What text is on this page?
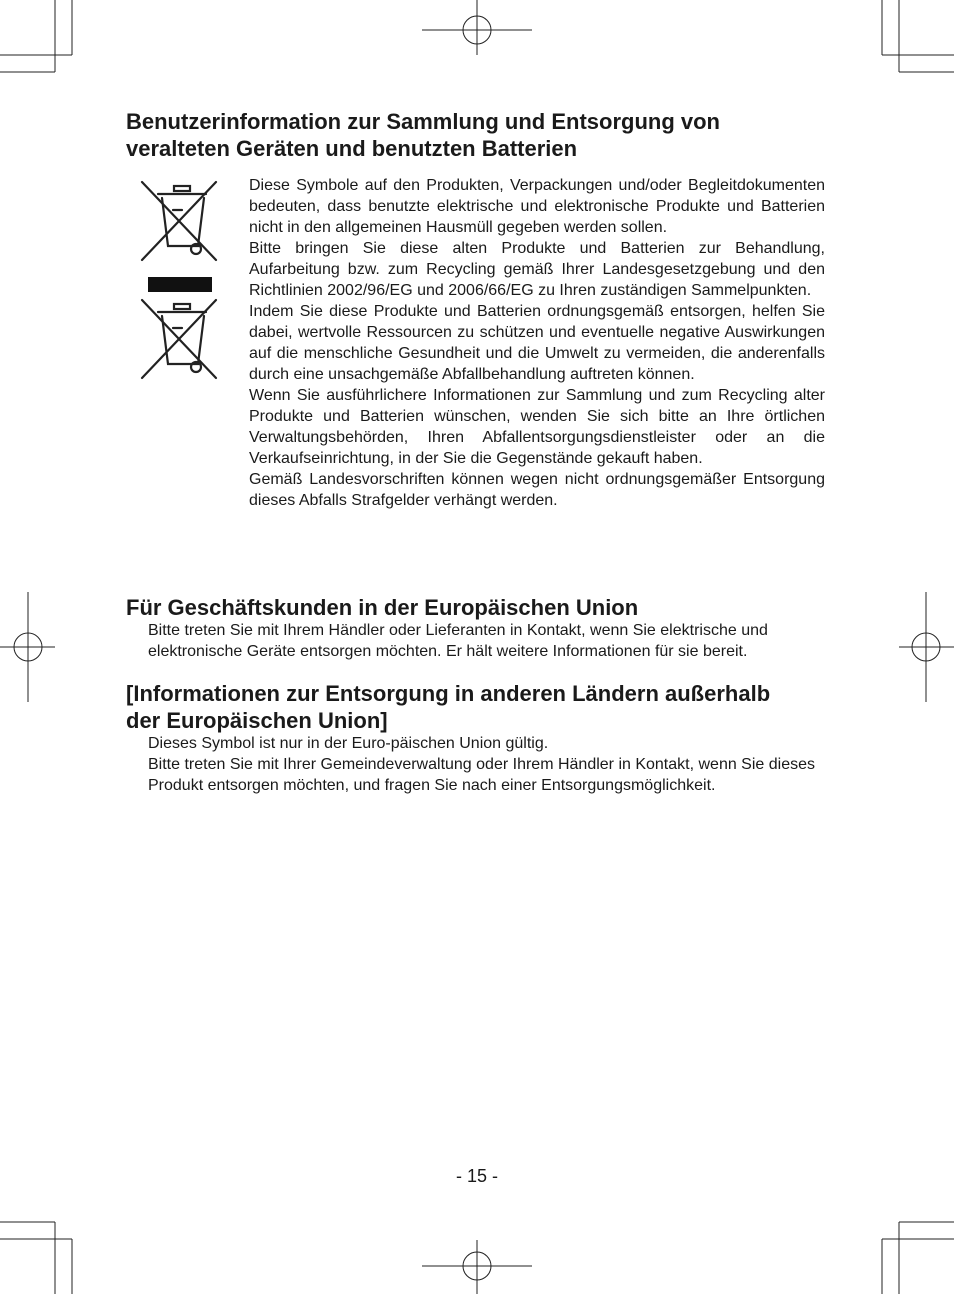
Benutzerinformation zur Sammlung und Entsorgung von
veralteten Geräten und benutzten Batterien

Diese Symbole auf den Produkten, Verpackungen und/oder Begleitdokumenten bedeuten, dass benutzte elektrische und elektronische Produkte und Batterien nicht in den allgemeinen Hausmüll gegeben werden sollen.

Bitte bringen Sie diese alten Produkte und Batterien zur Behandlung, Aufarbeitung bzw. zum Recycling gemäß Ihrer Landesgesetzgebung und den Richtlinien 2002/96/EG und 2006/66/EG zu Ihren zuständigen Sammelpunkten.

Indem Sie diese Produkte und Batterien ordnungsgemäß entsorgen, helfen Sie dabei, wertvolle Ressourcen zu schützen und eventuelle negative Auswirkungen auf die menschliche Gesundheit und die Umwelt zu vermeiden, die anderenfalls durch eine unsachgemäße Abfallbehandlung auftreten können.

Wenn Sie ausführlichere Informationen zur Sammlung und zum Recycling alter Produkte und Batterien wünschen, wenden Sie sich bitte an Ihre örtlichen Verwaltungsbehörden, Ihren Abfallentsorgungsdienstleister oder an die Verkaufseinrichtung, in der Sie die Gegenstände gekauft haben.

Gemäß Landesvorschriften können wegen nicht ordnungsgemäßer Entsorgung dieses Abfalls Strafgelder verhängt werden.

Für Geschäftskunden in der Europäischen Union

Bitte treten Sie mit Ihrem Händler oder Lieferanten in Kontakt, wenn Sie elektrische und elektronische Geräte entsorgen möchten. Er hält weitere Informationen für sie bereit.

[Informationen zur Entsorgung in anderen Ländern außerhalb
der Europäischen Union]

Dieses Symbol ist nur in der Euro-päischen Union gültig.

Bitte treten Sie mit Ihrer Gemeindeverwaltung oder Ihrem Händler in Kontakt, wenn Sie dieses Produkt entsorgen möchten, und fragen Sie nach einer Entsorgungsmöglichkeit.

- 15 -
